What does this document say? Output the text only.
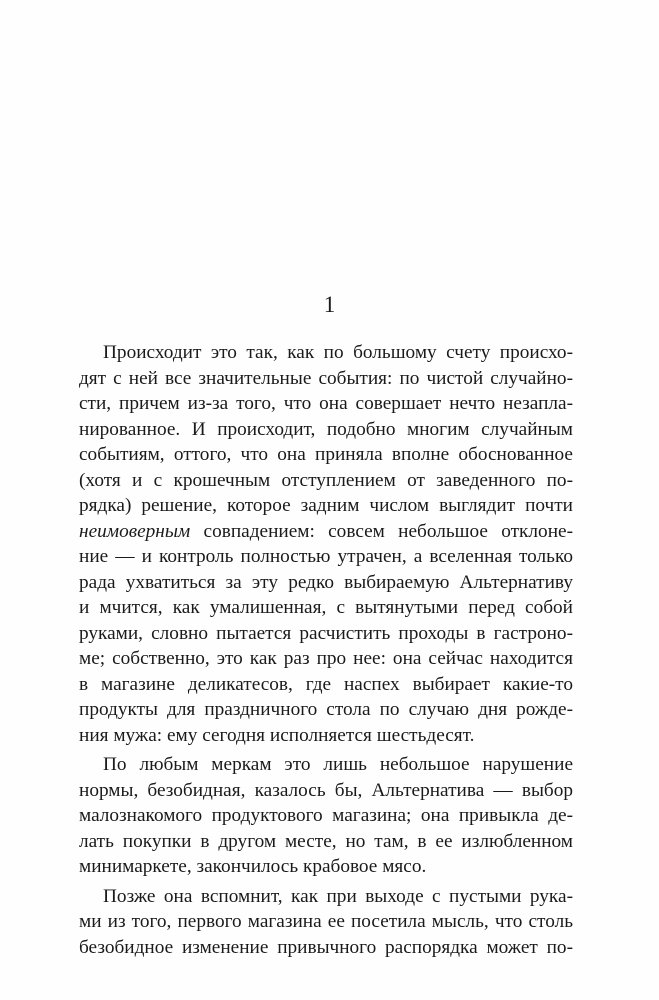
1
Происходит это так, как по большому счету происхо-
дят с ней все значительные события: по чистой случайно-
сти, причем из-за того, что она совершает нечто незапла-
нированное. И происходит, подобно многим случайным
событиям, оттого, что она приняла вполне обоснованное
(хотя и с крошечным отступлением от заведенного по-
рядка) решение, которое задним числом выглядит почти
неимоверным совпадением: совсем небольшое отклоне-
ние — и контроль полностью утрачен, а вселенная только
рада ухватиться за эту редко выбираемую Альтернативу
и мчится, как умалишенная, с вытянутыми перед собой
руками, словно пытается расчистить проходы в гастроно-
ме; собственно, это как раз про нее: она сейчас находится
в магазине деликатесов, где наспех выбирает какие-то
продукты для праздничного стола по случаю дня рожде-
ния мужа: ему сегодня исполняется шестьдесят.
По любым меркам это лишь небольшое нарушение
нормы, безобидная, казалось бы, Альтернатива — выбор
малознакомого продуктового магазина; она привыкла де-
лать покупки в другом месте, но там, в ее излюбленном
минимаркете, закончилось крабовое мясо.
Позже она вспомнит, как при выходе с пустыми рука-
ми из того, первого магазина ее посетила мысль, что столь
безобидное изменение привычного распорядка может по-
